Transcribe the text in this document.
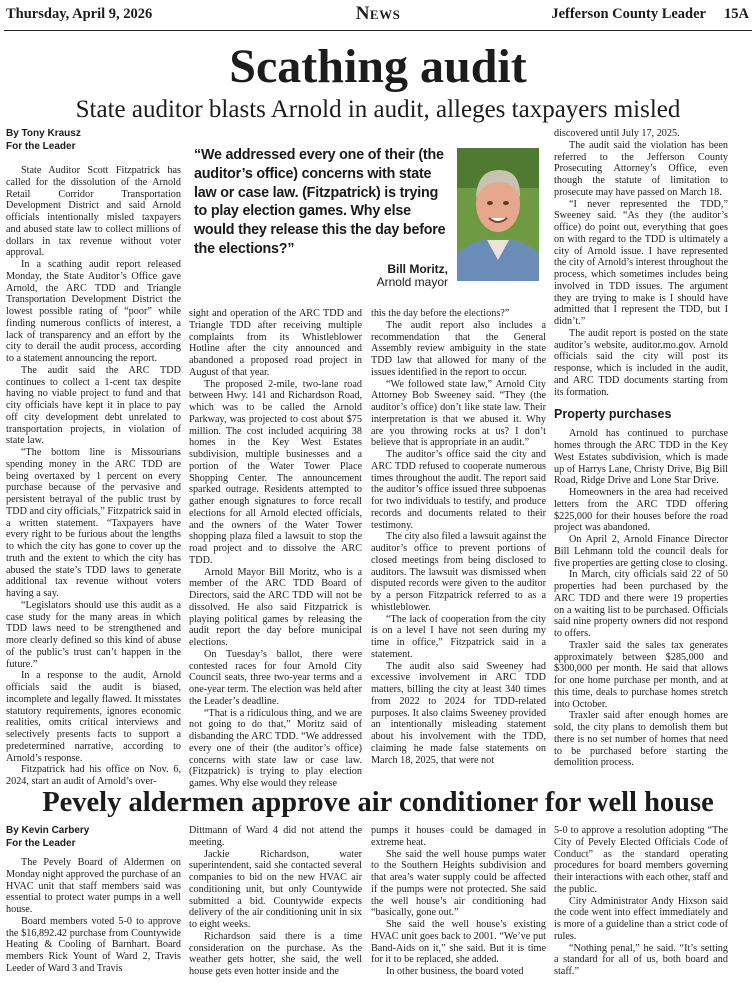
Thursday, April 9, 2026	News	Jefferson County Leader 15A
Scathing audit
State auditor blasts Arnold in audit, alleges taxpayers misled
By Tony Krausz
For the Leader

State Auditor Scott Fitzpatrick has called for the dissolution of the Arnold Retail Corridor Transportation Development District and said Arnold officials intentionally misled taxpayers and abused state law to collect millions of dollars in tax revenue without voter approval.

In a scathing audit report released Monday, the State Auditor’s Office gave Arnold, the ARC TDD and Triangle Transportation Development District the lowest possible rating of “poor” while finding numerous conflicts of interest, a lack of transparency and an effort by the city to derail the audit process, according to a statement announcing the report.

The audit said the ARC TDD continues to collect a 1-cent tax despite having no viable project to fund and that city officials have kept it in place to pay off city development debt unrelated to transportation projects, in violation of state law.

“The bottom line is Missourians spending money in the ARC TDD are being overtaxed by 1 percent on every purchase because of the pervasive and persistent betrayal of the public trust by TDD and city officials,” Fitzpatrick said in a written statement. “Taxpayers have every right to be furious about the lengths to which the city has gone to cover up the truth and the extent to which the city has abused the state’s TDD laws to generate additional tax revenue without voters having a say.

“Legislators should use this audit as a case study for the many areas in which TDD laws need to be strengthened and more clearly defined so this kind of abuse of the public’s trust can’t happen in the future.”

In a response to the audit, Arnold officials said the audit is biased, incomplete and legally flawed. It misstates statutory requirements, ignores economic realities, omits critical interviews and selectively presents facts to support a predetermined narrative, according to Arnold’s response.

Fitzpatrick had his office on Nov. 6, 2024, start an audit of Arnold’s over-

“We addressed every one of their (the auditor’s office) concerns with state law or case law. (Fitzpatrick) is trying to play election games. Why else would they release this the day before the elections?”
Bill Moritz,
Arnold mayor

sight and operation of the ARC TDD and Triangle TDD after receiving multiple complaints from its Whistleblower Hotline after the city announced and abandoned a proposed road project in August of that year.

The proposed 2-mile, two-lane road between Hwy. 141 and Richardson Road, which was to be called the Arnold Parkway, was projected to cost about $75 million. The cost included acquiring 38 homes in the Key West Estates subdivision, multiple businesses and a portion of the Water Tower Place Shopping Center. The announcement sparked outrage. Residents attempted to gather enough signatures to force recall elections for all Arnold elected officials, and the owners of the Water Tower shopping plaza filed a lawsuit to stop the road project and to dissolve the ARC TDD.

Arnold Mayor Bill Moritz, who is a member of the ARC TDD Board of Directors, said the ARC TDD will not be dissolved. He also said Fitzpatrick is playing political games by releasing the audit report the day before municipal elections.

On Tuesday’s ballot, there were contested races for four Arnold City Council seats, three two-year terms and a one-year term. The election was held after the Leader’s deadline.

“That is a ridiculous thing, and we are not going to do that,” Moritz said of disbanding the ARC TDD. “We addressed every one of their (the auditor’s office) concerns with state law or case law. (Fitzpatrick) is trying to play election games. Why else would they release

this the day before the elections?”

The audit report also includes a recommendation that the General Assembly review ambiguity in the state TDD law that allowed for many of the issues identified in the report to occur.

“We followed state law,” Arnold City Attorney Bob Sweeney said. “They (the auditor’s office) don’t like state law. Their interpretation is that we abused it. Why are you throwing rocks at us? I don’t believe that is appropriate in an audit.”

The auditor’s office said the city and ARC TDD refused to cooperate numerous times throughout the audit. The report said the auditor’s office issued three subpoenas for two individuals to testify, and produce records and documents related to their testimony.

The city also filed a lawsuit against the auditor’s office to prevent portions of closed meetings from being disclosed to auditors. The lawsuit was dismissed when disputed records were given to the auditor by a person Fitzpatrick referred to as a whistleblower.

“The lack of cooperation from the city is on a level I have not seen during my time in office,” Fitzpatrick said in a statement.

The audit also said Sweeney had excessive involvement in ARC TDD matters, billing the city at least 340 times from 2022 to 2024 for TDD-related purposes. It also claims Sweeney provided an intentionally misleading statement about his involvement with the TDD, claiming he made false statements on March 18, 2025, that were not

discovered until July 17, 2025.

The audit said the violation has been referred to the Jefferson County Prosecuting Attorney’s Office, even though the statute of limitation to prosecute may have passed on March 18.

“I never represented the TDD,” Sweeney said. “As they (the auditor’s office) do point out, everything that goes on with regard to the TDD is ultimately a city of Arnold issue. I have represented the city of Arnold’s interest throughout the process, which sometimes includes being involved in TDD issues. The argument they are trying to make is I should have admitted that I represent the TDD, but I didn’t.”

The audit report is posted on the state auditor’s website, auditor.mo.gov. Arnold officials said the city will post its response, which is included in the audit, and ARC TDD documents starting from its formation.

Property purchases

Arnold has continued to purchase homes through the ARC TDD in the Key West Estates subdivision, which is made up of Harrys Lane, Christy Drive, Big Bill Road, Ridge Drive and Lone Star Drive.

Homeowners in the area had received letters from the ARC TDD offering $225,000 for their houses before the road project was abandoned.

On April 2, Arnold Finance Director Bill Lehmann told the council deals for five properties are getting close to closing.

In March, city officials said 22 of 50 properties had been purchased by the ARC TDD and there were 19 properties on a waiting list to be purchased. Officials said nine property owners did not respond to offers.

Traxler said the sales tax generates approximately between $285,000 and $300,000 per month. He said that allows for one home purchase per month, and at this time, deals to purchase homes stretch into October.

Traxler said after enough homes are sold, the city plans to demolish them but there is no set number of homes that need to be purchased before starting the demolition process.

Pevely aldermen approve air conditioner for well house
By Kevin Carbery
For the Leader

The Pevely Board of Aldermen on Monday night approved the purchase of an HVAC unit that staff members said was essential to protect water pumps in a well house.

Board members voted 5-0 to approve the $16,892.42 purchase from Countywide Heating & Cooling of Barnhart. Board members Rick Yount of Ward 2, Travis Leeder of Ward 3 and Travis

Dittmann of Ward 4 did not attend the meeting.

Jackie Richardson, water superintendent, said she contacted several companies to bid on the new HVAC air conditioning unit, but only Countywide submitted a bid. Countywide expects delivery of the air conditioning unit in six to eight weeks.

Richardson said there is a time consideration on the purchase. As the weather gets hotter, she said, the well house gets even hotter inside and the

pumps it houses could be damaged in extreme heat.

She said the well house pumps water to the Southern Heights subdivision and that area’s water supply could be affected if the pumps were not protected. She said the well house’s air conditioning had “basically, gone out.”

She said the well house’s existing HVAC unit goes back to 2001. “We’ve put Band-Aids on it,” she said. But it is time for it to be replaced, she added.

In other business, the board voted

5-0 to approve a resolution adopting “The City of Pevely Elected Officials Code of Conduct” as the standard operating procedures for board members governing their interactions with each other, staff and the public.

City Administrator Andy Hixson said the code went into effect immediately and is more of a guideline than a strict code of rules.

“Nothing penal,” he said. “It’s setting a standard for all of us, both board and staff.”
